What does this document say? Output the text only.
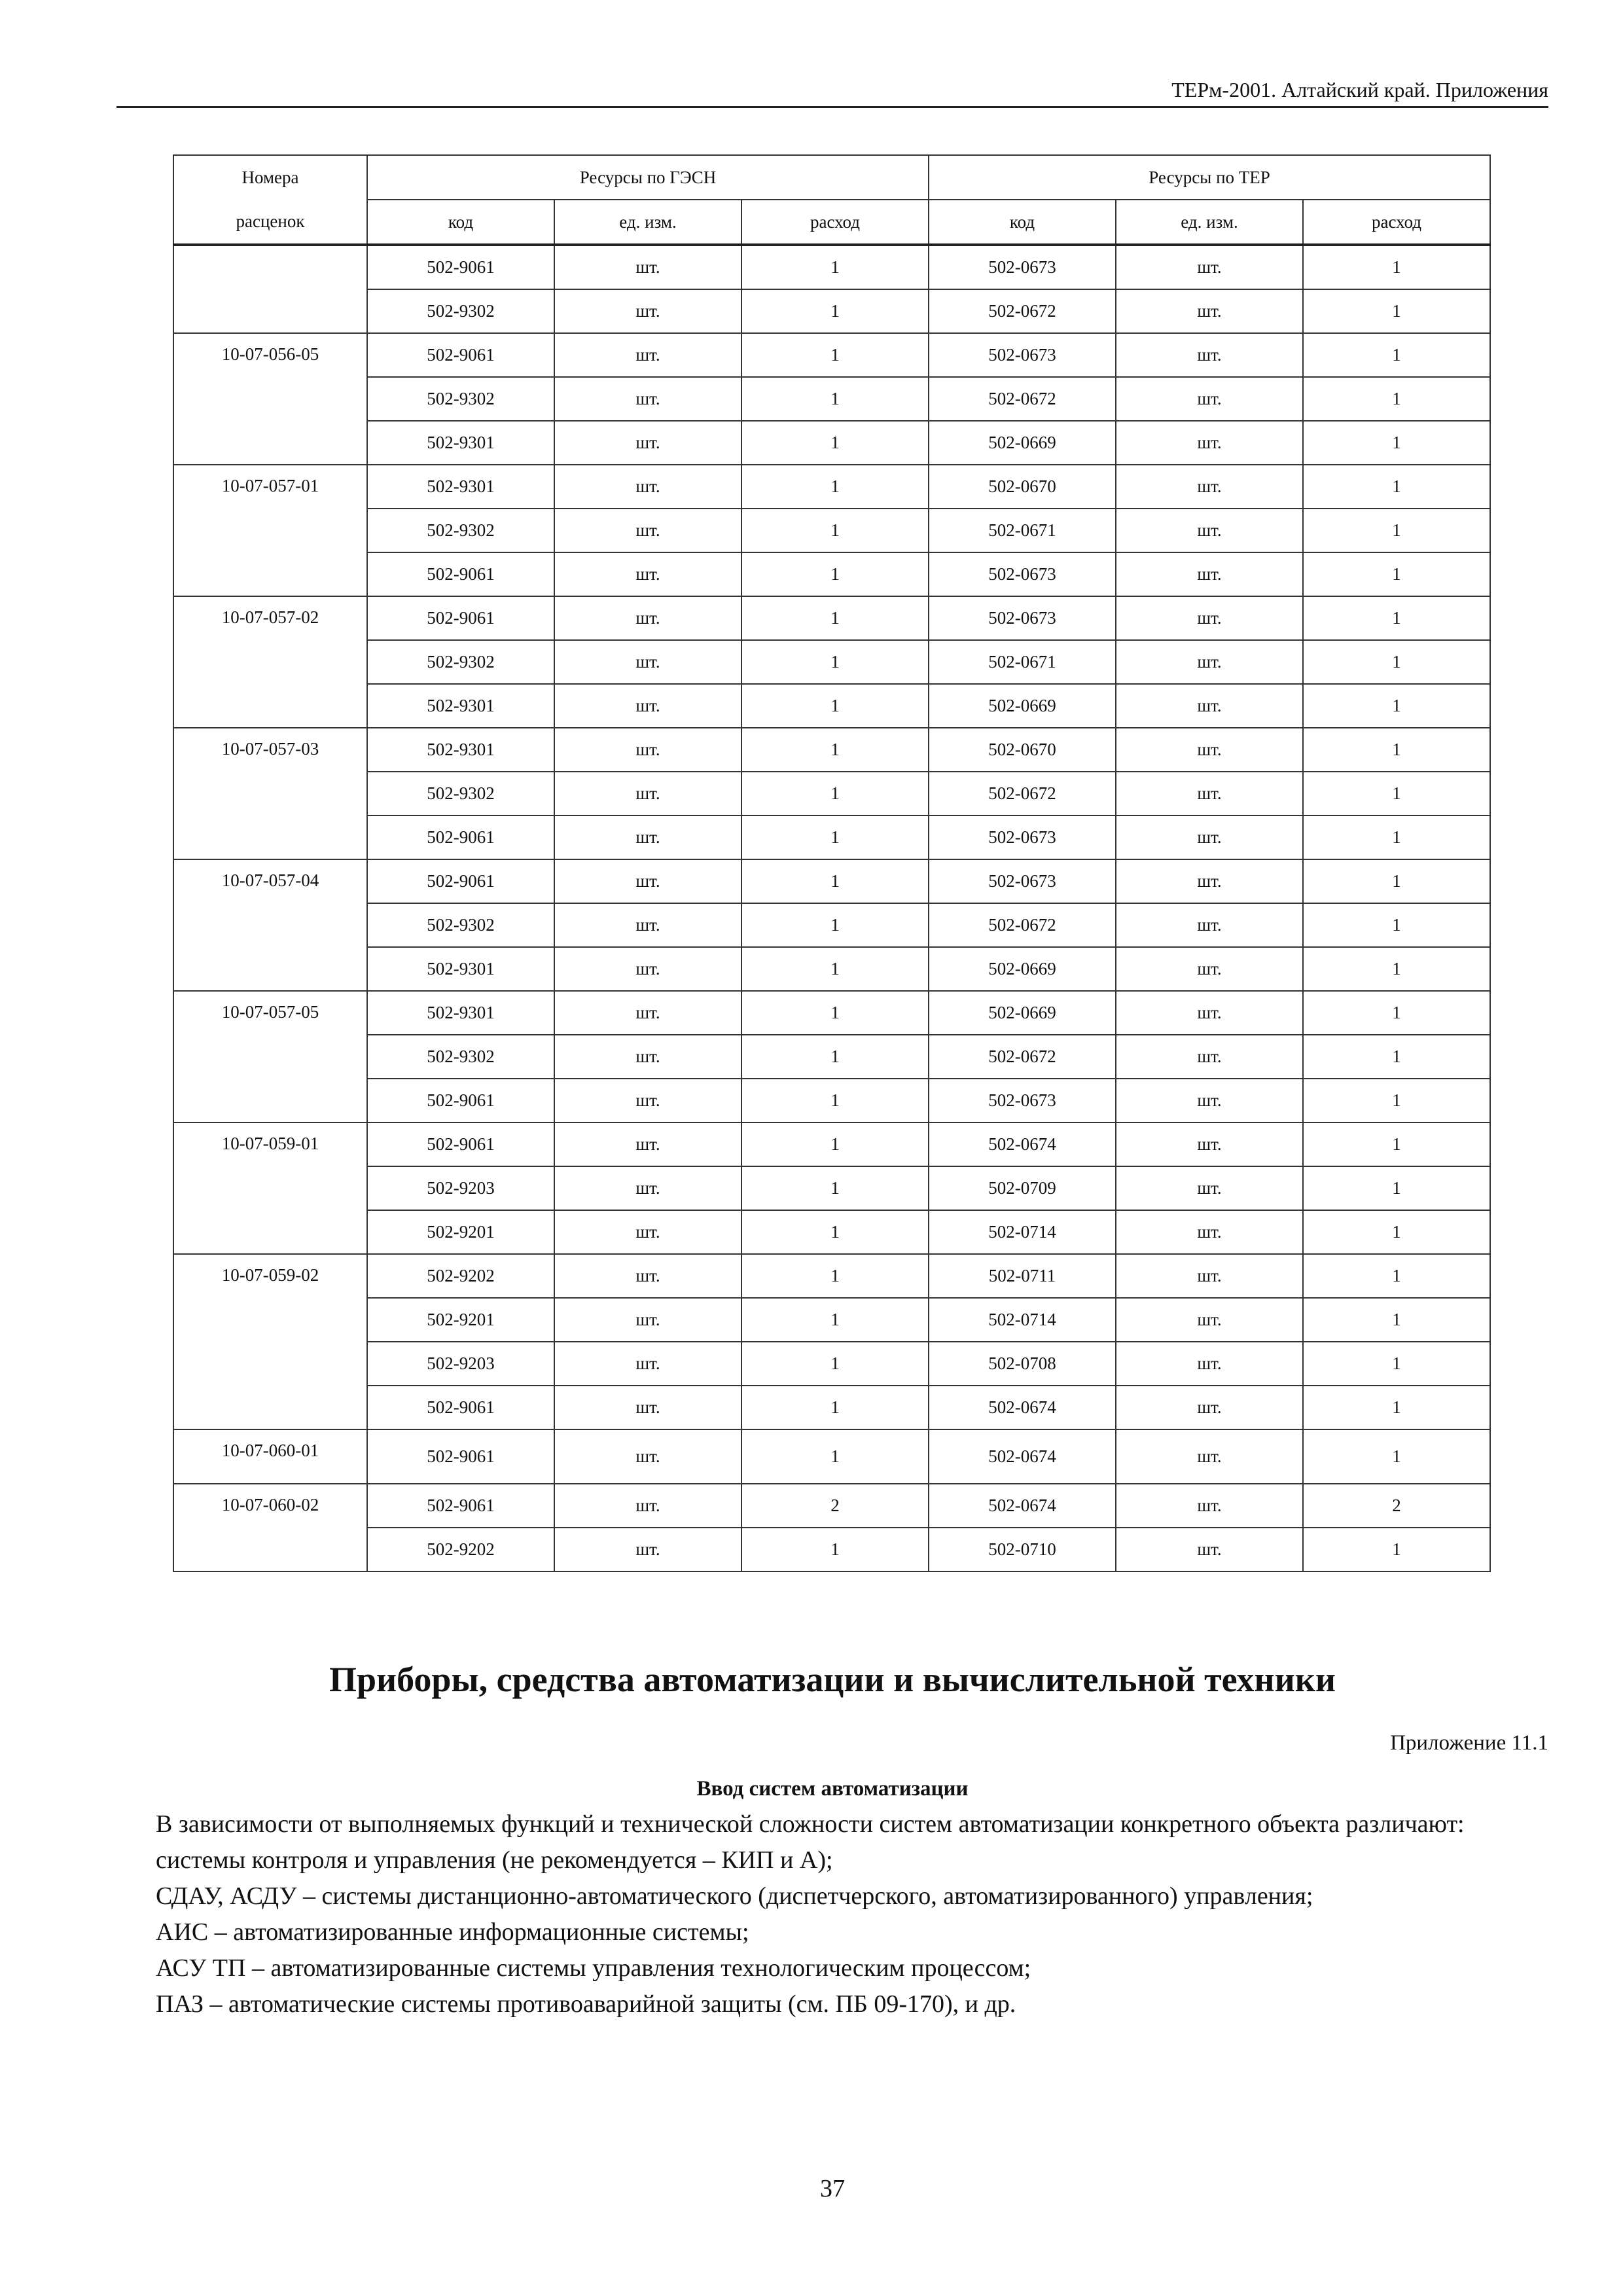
ТЕРм-2001. Алтайский край. Приложения
Номера	Ресурсы по ГЭСН			Ресурсы по ТЕР		
расценок	код	ед. изм.	расход	код	ед. изм.	расход
	502-9061	шт.	1	502-0673	шт.	1
	502-9302	шт.	1	502-0672	шт.	1
10-07-056-05	502-9061	шт.	1	502-0673	шт.	1
	502-9302	шт.	1	502-0672	шт.	1
	502-9301	шт.	1	502-0669	шт.	1
10-07-057-01	502-9301	шт.	1	502-0670	шт.	1
	502-9302	шт.	1	502-0671	шт.	1
	502-9061	шт.	1	502-0673	шт.	1
10-07-057-02	502-9061	шт.	1	502-0673	шт.	1
	502-9302	шт.	1	502-0671	шт.	1
	502-9301	шт.	1	502-0669	шт.	1
10-07-057-03	502-9301	шт.	1	502-0670	шт.	1
	502-9302	шт.	1	502-0672	шт.	1
	502-9061	шт.	1	502-0673	шт.	1
10-07-057-04	502-9061	шт.	1	502-0673	шт.	1
	502-9302	шт.	1	502-0672	шт.	1
	502-9301	шт.	1	502-0669	шт.	1
10-07-057-05	502-9301	шт.	1	502-0669	шт.	1
	502-9302	шт.	1	502-0672	шт.	1
	502-9061	шт.	1	502-0673	шт.	1
10-07-059-01	502-9061	шт.	1	502-0674	шт.	1
	502-9203	шт.	1	502-0709	шт.	1
	502-9201	шт.	1	502-0714	шт.	1
10-07-059-02	502-9202	шт.	1	502-0711	шт.	1
	502-9201	шт.	1	502-0714	шт.	1
	502-9203	шт.	1	502-0708	шт.	1
	502-9061	шт.	1	502-0674	шт.	1
10-07-060-01	502-9061	шт.	1	502-0674	шт.	1
10-07-060-02	502-9061	шт.	2	502-0674	шт.	2
	502-9202	шт.	1	502-0710	шт.	1
Приборы, средства автоматизации и вычислительной техники
Приложение 11.1
Ввод систем автоматизации

В зависимости от выполняемых функций и технической сложности систем автоматизации конкретного объекта различают:

системы контроля и управления (не рекомендуется – КИП и А);

СДАУ, АСДУ – системы дистанционно-автоматического (диспетчерского, автоматизированного) управления;

АИС – автоматизированные информационные системы;

АСУ ТП – автоматизированные системы управления технологическим процессом;

ПАЗ – автоматические системы противоаварийной защиты (см. ПБ 09-170), и др.

37
